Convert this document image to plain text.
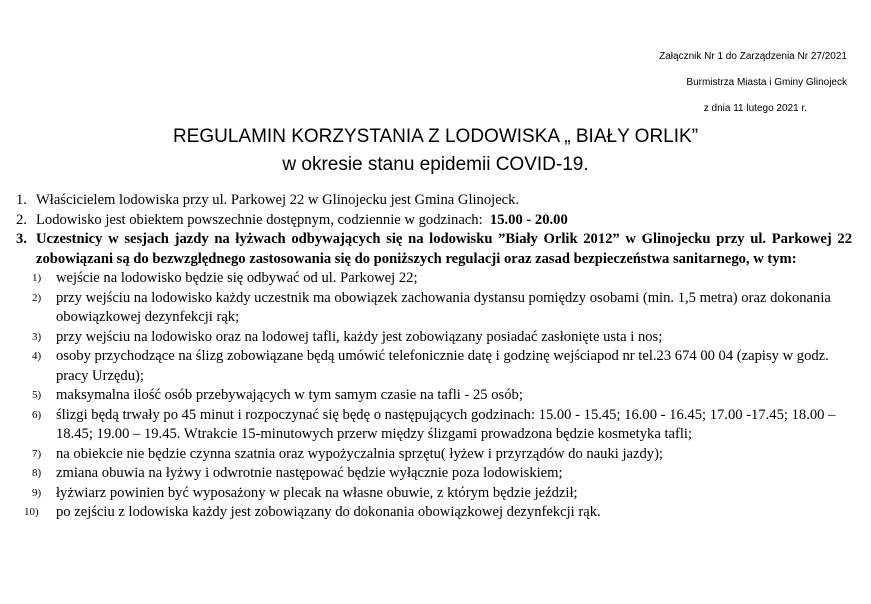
Załącznik Nr 1 do Zarządzenia Nr 27/2021
Burmistrza Miasta i Gminy Glinojeck
z dnia 11 lutego 2021 r.
REGULAMIN KORZYSTANIA Z LODOWISKA „ BIAŁY ORLIK”
w okresie stanu epidemii COVID-19.
1. Właścicielem lodowiska przy ul. Parkowej 22 w Glinojecku jest Gmina Glinojeck.
2. Lodowisko jest obiektem powszechnie dostępnym, codziennie w godzinach: 15.00 - 20.00
3. Uczestnicy w sesjach jazdy na łyżwach odbywających się na lodowisku ”Biały Orlik 2012” w Glinojecku przy ul. Parkowej 22 zobowiązani są do bezwzględnego zastosowania się do poniższych regulacji oraz zasad bezpieczeństwa sanitarnego, w tym:
1) wejście na lodowisko będzie się odbywać od ul. Parkowej 22;
2) przy wejściu na lodowisko każdy uczestnik ma obowiązek zachowania dystansu pomiędzy osobami (min. 1,5 metra) oraz dokonania obowiązkowej dezynfekcji rąk;
3) przy wejściu na lodowisko oraz na lodowej tafli, każdy jest zobowiązany posiadać zasłonięte usta i nos;
4) osoby przychodzące na ślizg zobowiązane będą umówić telefonicznie datę i godzinę wejściapod nr tel.23 674 00 04 (zapisy w godz. pracy Urzędu);
5) maksymalna ilość osób przebywających w tym samym czasie na tafli - 25 osób;
6) ślizgi będą trwały po 45 minut i rozpoczynać się będę o następujących godzinach: 15.00 - 15.45; 16.00 - 16.45; 17.00 -17.45; 18.00 – 18.45; 19.00 – 19.45. Wtrakcie 15-minutowych przerw między ślizgami prowadzona będzie kosmetyka tafli;
7) na obiekcie nie będzie czynna szatnia oraz wypożyczalnia sprzętu( łyżew i przyrządów do nauki jazdy);
8) zmiana obuwia na łyżwy i odwrotnie następować będzie wyłącznie poza lodowiskiem;
9) łyżwiarz powinien być wyposażony w plecak na własne obuwie, z którym będzie jeździł;
10) po zejściu z lodowiska każdy jest zobowiązany do dokonania obowiązkowej dezynfekcji rąk.
